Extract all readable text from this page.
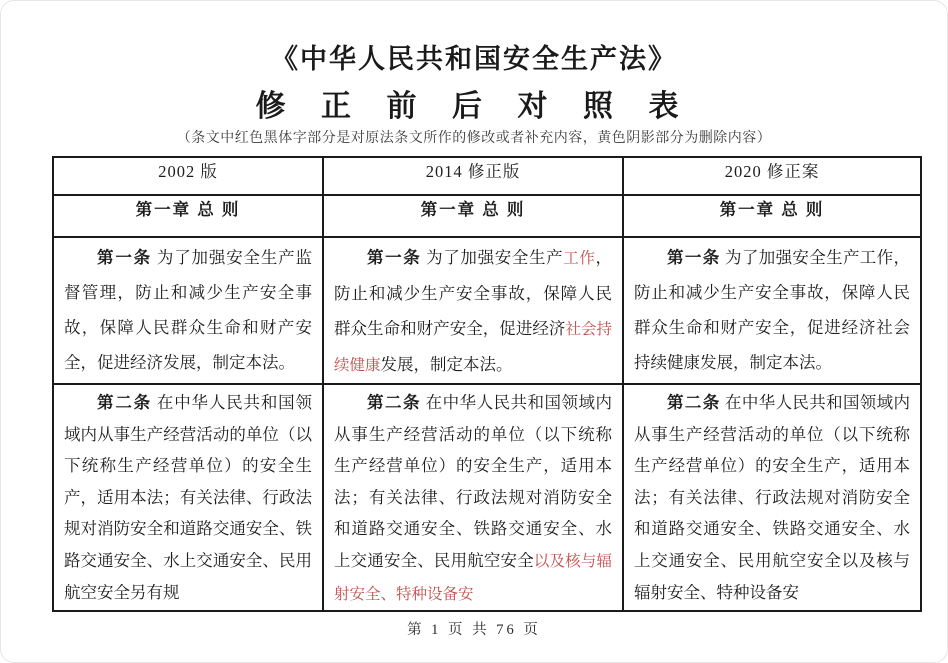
《中华人民共和国安全生产法》
修 正 前 后 对 照 表
（条文中红色黑体字部分是对原法条文所作的修改或者补充内容，黄色阴影部分为删除内容）
2002 版	2014 修正版	2020 修正案
第一章 总 则	第一章 总 则	第一章 总 则

第一条 为了加强安全生产监督管理，防止和减少生产安全事故，保障人民群众生命和财产安全，促进经济发展，制定本法。	第一条 为了加强安全生产工作，防止和减少生产安全事故，保障人民群众生命和财产安全，促进经济社会持续健康发展，制定本法。	第一条 为了加强安全生产工作，防止和减少生产安全事故，保障人民群众生命和财产安全，促进经济社会持续健康发展，制定本法。

第二条 在中华人民共和国领域内从事生产经营活动的单位（以下统称生产经营单位）的安全生产，适用本法；有关法律、行政法规对消防安全和道路交通安全、铁路交通安全、水上交通安全、民用航空安全另有规	第二条 在中华人民共和国领域内从事生产经营活动的单位（以下统称生产经营单位）的安全生产，适用本法；有关法律、行政法规对消防安全和道路交通安全、铁路交通安全、水上交通安全、民用航空安全以及核与辐射安全、特种设备安	第二条 在中华人民共和国领域内从事生产经营活动的单位（以下统称生产经营单位）的安全生产，适用本法；有关法律、行政法规对消防安全和道路交通安全、铁路交通安全、水上交通安全、民用航空安全以及核与辐射安全、特种设备安
第 1 页 共 76 页
